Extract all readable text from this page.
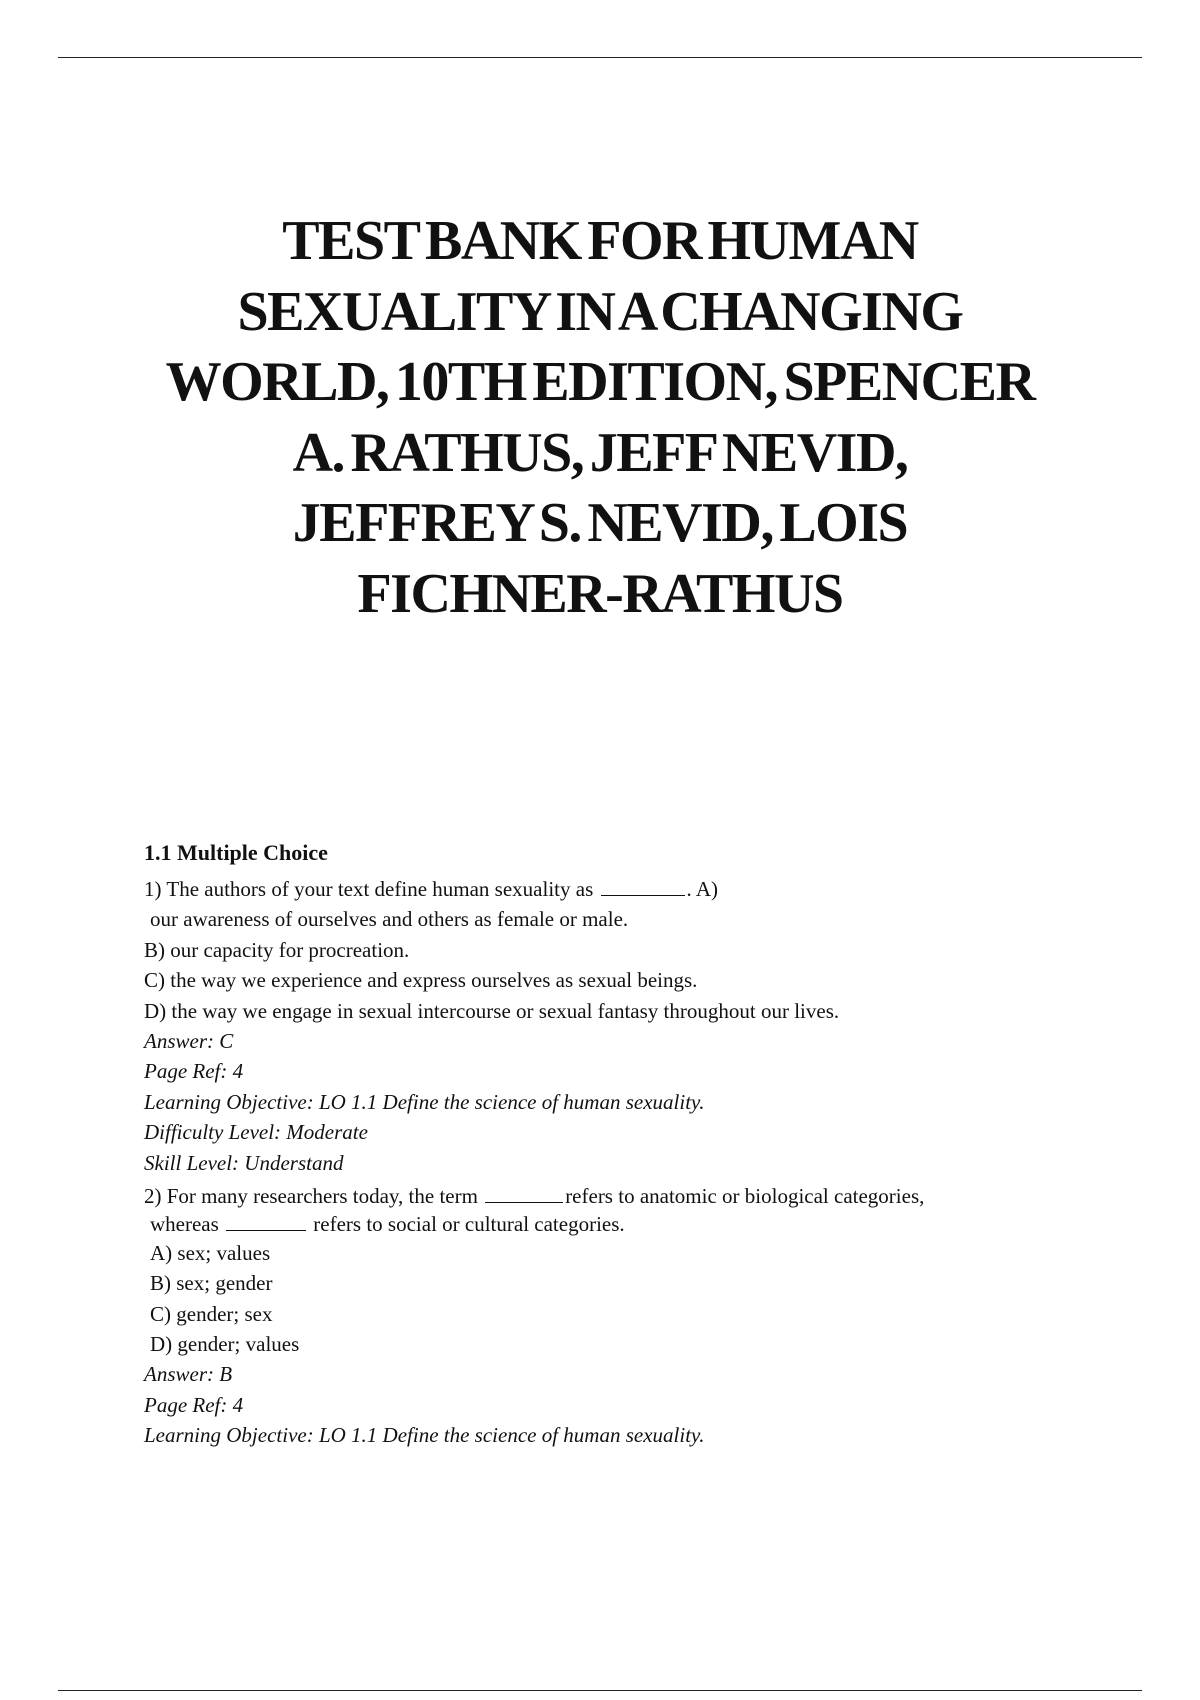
TEST BANK FOR HUMAN
SEXUALITY IN A CHANGING
WORLD, 10TH EDITION, SPENCER
A. RATHUS, JEFF NEVID,
JEFFREY S. NEVID, LOIS
FICHNER-RATHUS
1.1 Multiple Choice
1) The authors of your text define human sexuality as	. A)
our awareness of ourselves and others as female or male.
B) our capacity for procreation.
C) the way we experience and express ourselves as sexual beings.
D) the way we engage in sexual intercourse or sexual fantasy throughout our lives.
Answer: C
Page Ref: 4
Learning Objective: LO 1.1 Define the science of human sexuality.
Difficulty Level: Moderate
Skill Level: Understand
2) For many researchers today, the term	refers to anatomic or biological categories,
whereas	refers to social or cultural categories.
A) sex; values
B) sex; gender
C) gender; sex
D) gender; values
Answer: B
Page Ref: 4
Learning Objective: LO 1.1 Define the science of human sexuality.
